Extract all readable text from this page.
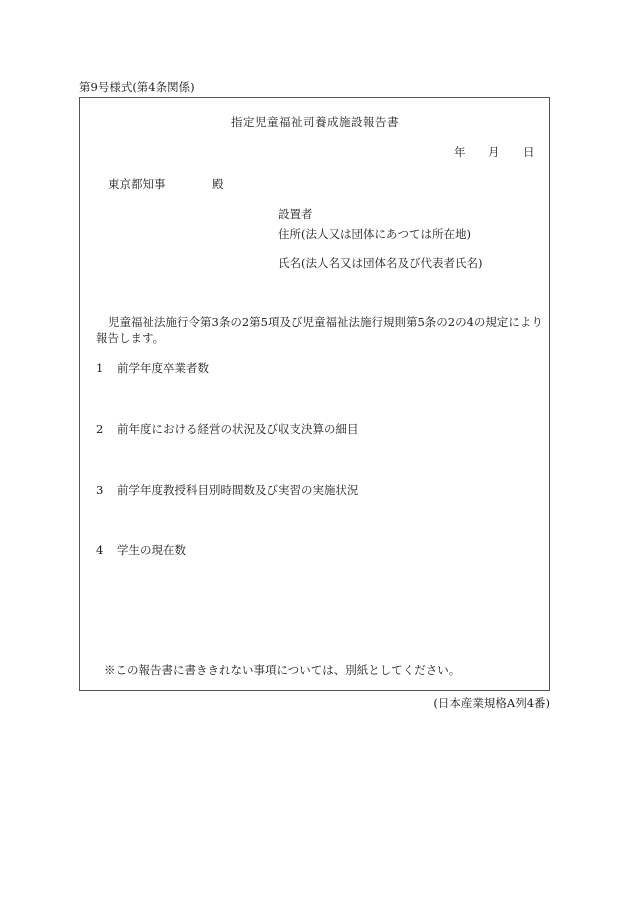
第9号様式(第4条関係)
指定児童福祉司養成施設報告書
年 月 日
東京都知事	殿
設置者
住所(法人又は団体にあつては所在地)
氏名(法人名又は団体名及び代表者氏名)
児童福祉法施行令第3条の2第5項及び児童福祉法施行規則第5条の2の4の規定により
報告します。
1	前学年度卒業者数
2	前年度における経営の状況及び収支決算の細目
3	前学年度教授科目別時間数及び実習の実施状況
4	学生の現在数
※この報告書に書ききれない事項については、別紙としてください。
(日本産業規格A列4番)
